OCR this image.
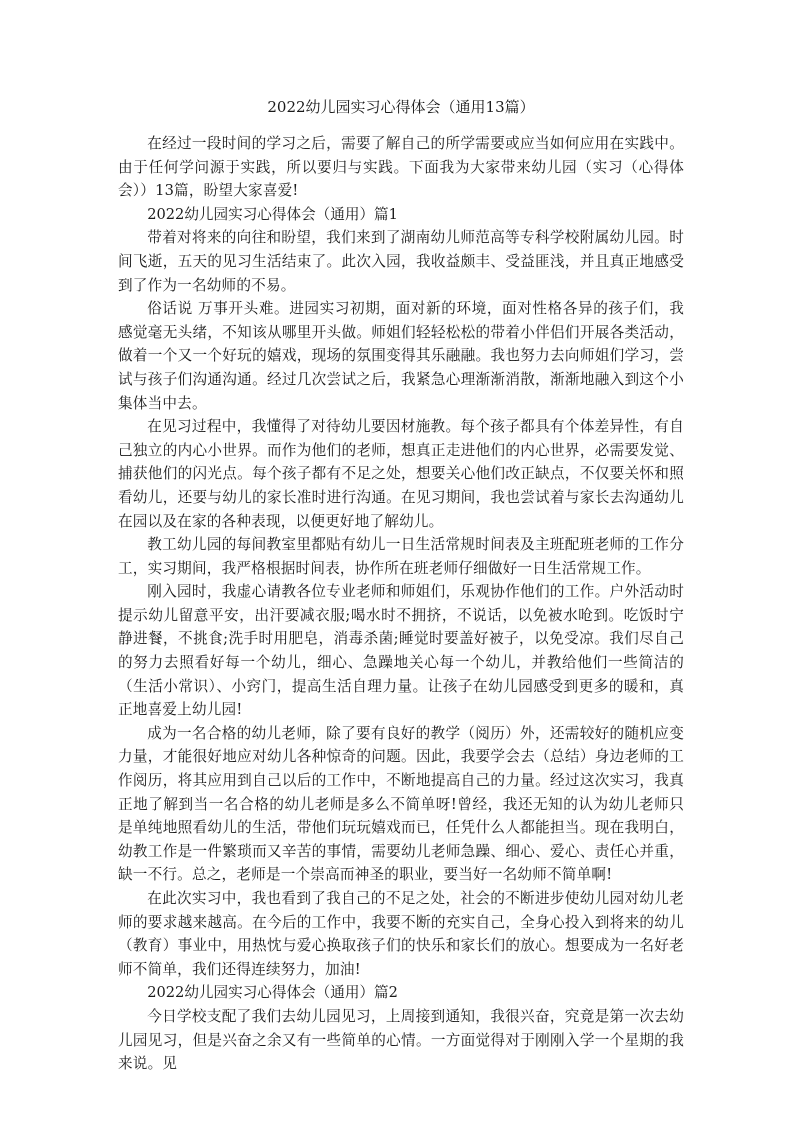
2022幼儿园实习心得体会（通用13篇）

在经过一段时间的学习之后，需要了解自己的所学需要或应当如何应用在实践中。由于任何学问源于实践，所以要归与实践。下面我为大家带来幼儿园（实习（心得体会））13篇，盼望大家喜爱!

2022幼儿园实习心得体会（通用）篇1

带着对将来的向往和盼望，我们来到了湖南幼儿师范高等专科学校附属幼儿园。时间飞逝，五天的见习生活结束了。此次入园，我收益颇丰、受益匪浅，并且真正地感受到了作为一名幼师的不易。

俗话说 万事开头难。进园实习初期，面对新的环境，面对性格各异的孩子们，我感觉毫无头绪，不知该从哪里开头做。师姐们轻轻松松的带着小伴侣们开展各类活动，做着一个又一个好玩的嬉戏，现场的氛围变得其乐融融。我也努力去向师姐们学习，尝试与孩子们沟通沟通。经过几次尝试之后，我紧急心理渐渐消散，渐渐地融入到这个小集体当中去。

在见习过程中，我懂得了对待幼儿要因材施教。每个孩子都具有个体差异性，有自己独立的内心小世界。而作为他们的老师，想真正走进他们的内心世界，必需要发觉、捕获他们的闪光点。每个孩子都有不足之处，想要关心他们改正缺点，不仅要关怀和照看幼儿，还要与幼儿的家长准时进行沟通。在见习期间，我也尝试着与家长去沟通幼儿在园以及在家的各种表现，以便更好地了解幼儿。

教工幼儿园的每间教室里都贴有幼儿一日生活常规时间表及主班配班老师的工作分工，实习期间，我严格根据时间表，协作所在班老师仔细做好一日生活常规工作。

刚入园时，我虚心请教各位专业老师和师姐们，乐观协作他们的工作。户外活动时提示幼儿留意平安，出汗要减衣服;喝水时不拥挤，不说话，以免被水呛到。吃饭时宁静进餐，不挑食;洗手时用肥皂，消毒杀菌;睡觉时要盖好被子，以免受凉。我们尽自己的努力去照看好每一个幼儿，细心、急躁地关心每一个幼儿，并教给他们一些简洁的（生活小常识）、小窍门，提高生活自理力量。让孩子在幼儿园感受到更多的暖和，真正地喜爱上幼儿园!

成为一名合格的幼儿老师，除了要有良好的教学（阅历）外，还需较好的随机应变力量，才能很好地应对幼儿各种惊奇的问题。因此，我要学会去（总结）身边老师的工作阅历，将其应用到自己以后的工作中，不断地提高自己的力量。经过这次实习，我真正地了解到当一名合格的幼儿老师是多么不简单呀!曾经，我还无知的认为幼儿老师只是单纯地照看幼儿的生活，带他们玩玩嬉戏而已，任凭什么人都能担当。现在我明白，幼教工作是一件繁琐而又辛苦的事情，需要幼儿老师急躁、细心、爱心、责任心并重，缺一不行。总之，老师是一个崇高而神圣的职业，要当好一名幼师不简单啊!

在此次实习中，我也看到了我自己的不足之处，社会的不断进步使幼儿园对幼儿老师的要求越来越高。在今后的工作中，我要不断的充实自己，全身心投入到将来的幼儿（教育）事业中，用热忱与爱心换取孩子们的快乐和家长们的放心。想要成为一名好老师不简单，我们还得连续努力，加油!

2022幼儿园实习心得体会（通用）篇2

今日学校支配了我们去幼儿园见习，上周接到通知，我很兴奋，究竟是第一次去幼儿园见习，但是兴奋之余又有一些简单的心情。一方面觉得对于刚刚入学一个星期的我来说。见
